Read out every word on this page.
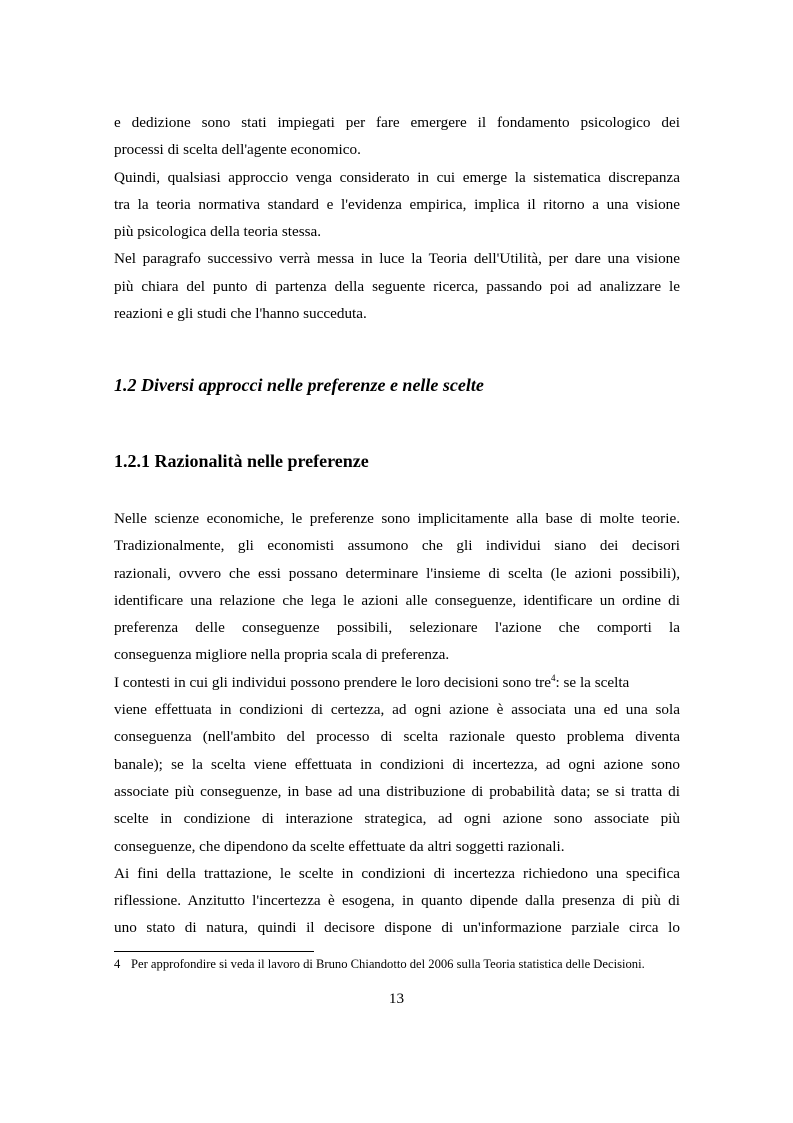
e dedizione sono stati impiegati per fare emergere il fondamento psicologico dei
processi di scelta dell'agente economico.
Quindi, qualsiasi approccio venga considerato in cui emerge la sistematica discrepanza
tra la teoria normativa standard e l'evidenza empirica, implica il ritorno a una visione
più psicologica della teoria stessa.
Nel paragrafo successivo verrà messa in luce la Teoria dell'Utilità, per dare una visione
più chiara del punto di partenza della seguente ricerca, passando poi ad analizzare le
reazioni e gli studi che l'hanno succeduta.
1.2 Diversi approcci nelle preferenze e nelle scelte
1.2.1 Razionalità nelle preferenze
Nelle scienze economiche, le preferenze sono implicitamente alla base di molte teorie.
Tradizionalmente, gli economisti assumono che gli individui siano dei decisori
razionali, ovvero che essi possano determinare l'insieme di scelta (le azioni possibili),
identificare una relazione che lega le azioni alle conseguenze, identificare un ordine di
preferenza delle conseguenze possibili, selezionare l'azione che comporti la
conseguenza migliore nella propria scala di preferenza.
I contesti in cui gli individui possono prendere le loro decisioni sono tre$^4$: se la scelta
viene effettuata in condizioni di certezza, ad ogni azione è associata una ed una sola
conseguenza (nell'ambito del processo di scelta razionale questo problema diventa
banale); se la scelta viene effettuata in condizioni di incertezza, ad ogni azione sono
associate più conseguenze, in base ad una distribuzione di probabilità data; se si tratta di
scelte in condizione di interazione strategica, ad ogni azione sono associate più
conseguenze, che dipendono da scelte effettuate da altri soggetti razionali.
Ai fini della trattazione, le scelte in condizioni di incertezza richiedono una specifica
riflessione. Anzitutto l'incertezza è esogena, in quanto dipende dalla presenza di più di
uno stato di natura, quindi il decisore dispone di un'informazione parziale circa lo
4 Per approfondire si veda il lavoro di Bruno Chiandotto del 2006 sulla Teoria statistica delle Decisioni.
13
